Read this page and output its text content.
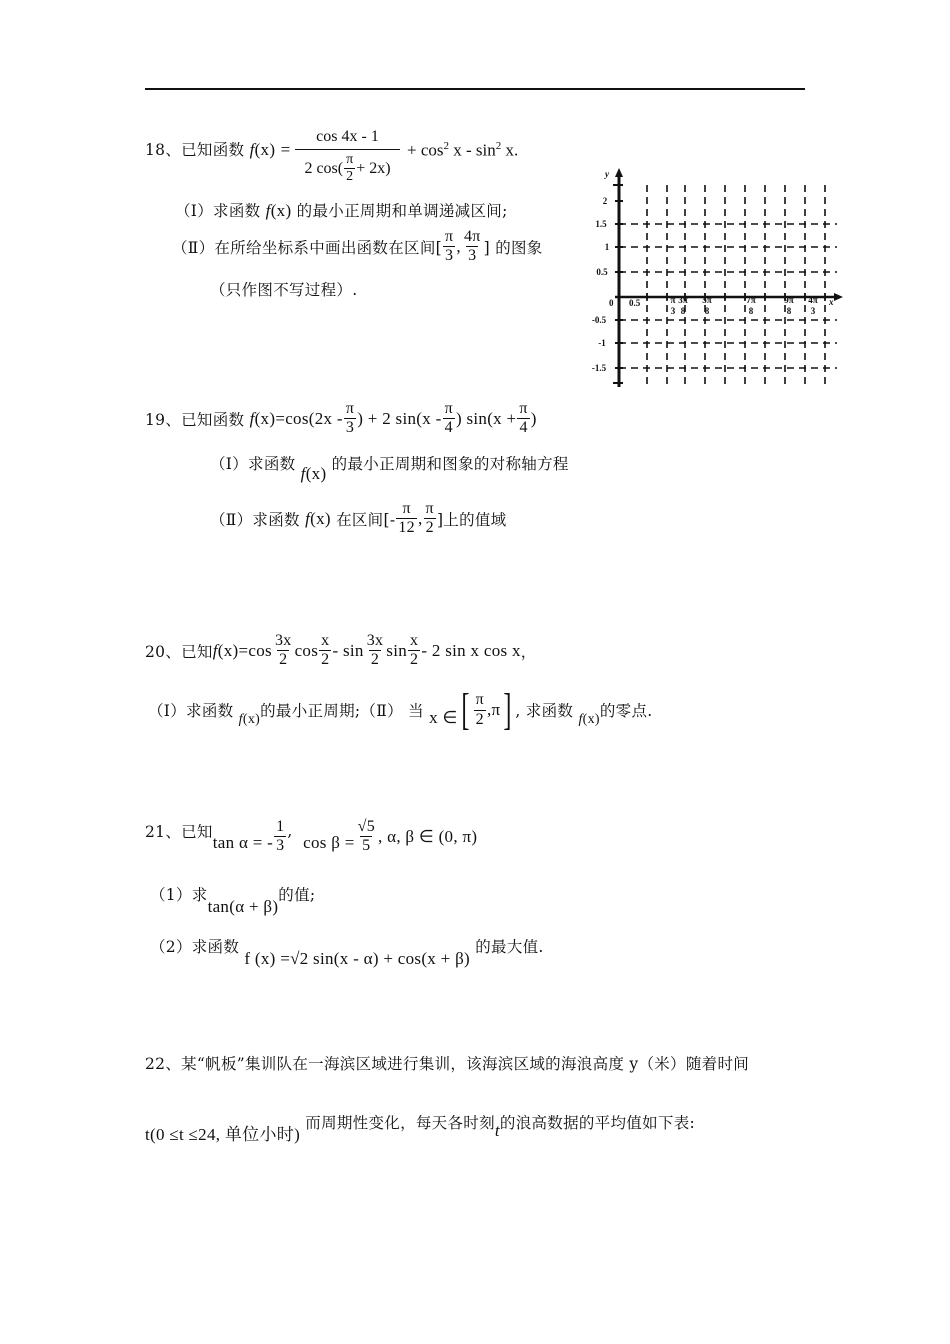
18、已知函数 f(x) =
cos 4x - 1
2 $\cos( \frac{\pi}{2} + 2x)$
+ $\cos^2 x - \sin^2 x$.
（Ⅰ）求函数 f(x) 的最小正周期和单调递减区间;
（Ⅱ）在所给坐标系中画出函数在区间[ $\frac{\pi}{3}$ , $\frac{4\pi}{3}$ ] 的图象
（只作图不写过程）.
y
x
0
2
1.5
1
0.5
-0.5
-1
-1.5
0.5	π
3
3π
8
5π
8
7π
8
9π
8
4π
3
19、 已知函数
f $(x) =\cos(2x - \frac{\pi}{3}$ ) + 2 $\sin(x - \frac{\pi}{4}$ ) $\sin(x + \frac{\pi}{4}$ )
（Ⅰ）求函数 f(x) 的最小正周期和图象的对称轴方程
（Ⅱ）求函数
f (x)
在区间[- $\frac{\pi}{12}$ , $\frac{\pi}{2}$ ]上的值域
20、 已知 f $(x) =\cos \frac{3x}{2}$ $\cos \frac{x}{2}$ - $\sin \frac{3x}{2}$ $\sin \frac{x}{2} - 2$ sin x cos x ，
（Ⅰ）求函数
f (x) 的最小正周期;（Ⅱ） 当
x ∈ [ $\frac{\pi}{2} ,\pi$ ] , 求函数
f (x) 的零点.
21、 已知
tan α = - $\frac{1}{3}$ ,

$\cos \beta = \frac{√5}{5}$ , α, β ∈ (0, π)
（1）求tan(α + β)的值;
（2）求函数 f (x) =√2 sin(x - α) + cos(x + β) 的最大值.
22、某“帆板”集训队在一海滨区域进行集训，该海滨区域的海浪高度 y（米）随着时间
t(0 ≤t ≤24, 单位小时) 而周期性变化，每天各时刻t的浪高数据的平均值如下表:
